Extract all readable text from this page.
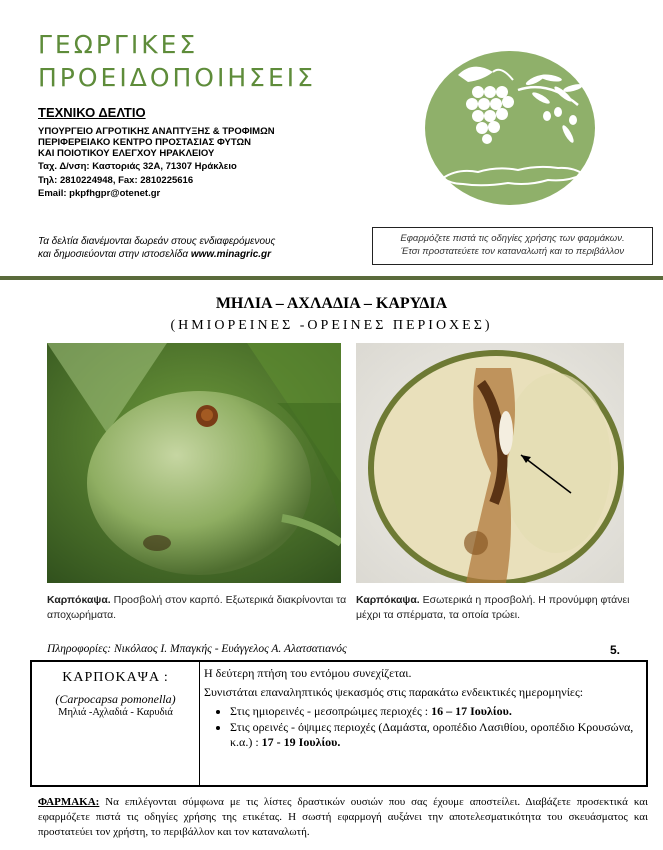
ΓΕΩΡΓΙΚΕΣ
ΠΡΟΕΙΔΟΠΟΙΗΣΕΙΣ
ΤΕΧΝΙΚΟ ΔΕΛΤΙΟ
ΥΠΟΥΡΓΕΙΟ ΑΓΡΟΤΙΚΗΣ ΑΝΑΠΤΥΞΗΣ & ΤΡΟΦΙΜΩΝ
ΠΕΡΙΦΕΡΕΙΑΚΟ ΚΕΝΤΡΟ ΠΡΟΣΤΑΣΙΑΣ ΦΥΤΩΝ
ΚΑΙ ΠΟΙΟΤΙΚΟΥ ΕΛΕΓΧΟΥ ΗΡΑΚΛΕΙΟΥ
Ταχ. Δ/νση: Καστοριάς 32Α, 71307 Ηράκλειο
Τηλ: 2810224948, Fax: 2810225616
Email: pkpfhgpr@otenet.gr
Τα δελτία διανέμονται δωρεάν στους ενδιαφερόμενους
και δημοσιεύονται στην ιστοσελίδα www.minagric.gr
Εφαρμόζετε πιστά τις οδηγίες χρήσης των φαρμάκων.
Έτσι προστατεύετε τον καταναλωτή και το περιβάλλον
ΜΗΛΙΑ – ΑΧΛΑΔΙΑ – ΚΑΡΥΔΙΑ
(ΗΜΙΟΡΕΙΝΕΣ -ΟΡΕΙΝΕΣ ΠΕΡΙΟΧΕΣ)
Καρπόκαψα. Προσβολή στον καρπό. Εξωτερικά διακρίνονται τα αποχωρήματα.
Καρπόκαψα. Εσωτερικά η προσβολή. Η προνύμφη φτάνει μέχρι τα σπέρματα, τα οποία τρώει.
Πληροφορίες: Νικόλαος Ι. Μπαγκής - Ευάγγελος Α. Αλατσατιανός	5.
ΚΑΡΠΟΚΑΨΑ :
(Carpocapsa pomonella)
Μηλιά -Αχλαδιά - Καρυδιά

Η δεύτερη πτήση του εντόμου συνεχίζεται.

Συνιστάται επαναληπτικός ψεκασμός στις παρακάτω ενδεικτικές ημερομηνίες:

• Στις ημιορεινές - μεσοπρώιμες περιοχές : 16 – 17 Ιουλίου.
• Στις ορεινές - όψιμες περιοχές (Δαμάστα, οροπέδιο Λασιθίου, οροπέδιο Κρουσώνα, κ.α.) : 17 - 19 Ιουλίου.
ΦΑΡΜΑΚΑ: Να επιλέγονται σύμφωνα με τις λίστες δραστικών ουσιών που σας έχουμε αποστείλει. Διαβάζετε προσεκτικά και εφαρμόζετε πιστά τις οδηγίες χρήσης της ετικέτας. Η σωστή εφαρμογή αυξάνει την αποτελεσματικότητα του σκευάσματος και προστατεύει τον χρήστη, το περιβάλλον και τον καταναλωτή.
